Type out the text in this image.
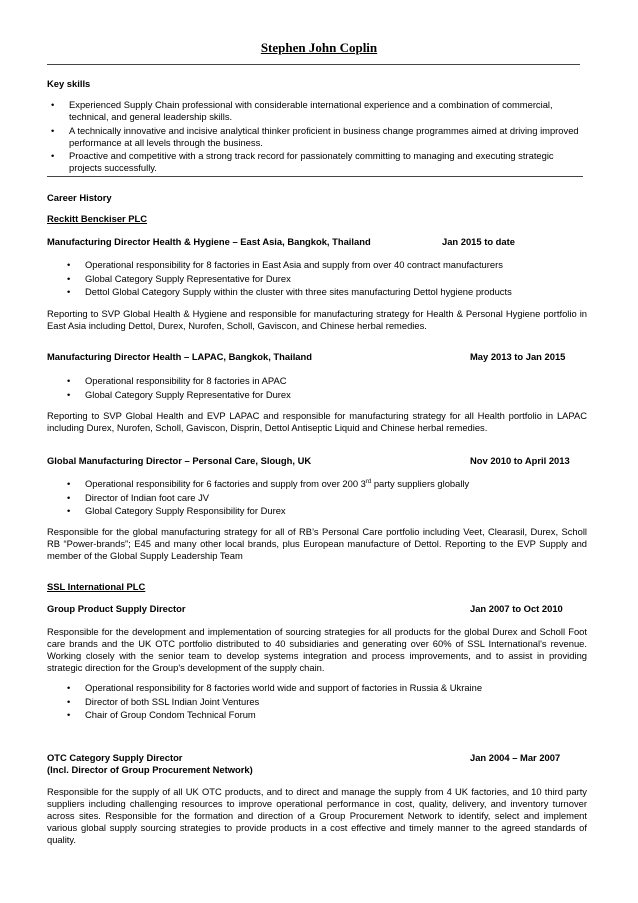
Stephen John Coplin
Key skills
• Experienced Supply Chain professional with considerable international experience and a combination of commercial, technical, and general leadership skills.
• A technically innovative and incisive analytical thinker proficient in business change programmes aimed at driving improved performance at all levels through the business.
• Proactive and competitive with a strong track record for passionately committing to managing and executing strategic projects successfully.
Career History
Reckitt Benckiser PLC
Manufacturing Director Health & Hygiene – East Asia, Bangkok, Thailand	Jan 2015 to date
• Operational responsibility for 8 factories in East Asia and supply from over 40 contract manufacturers
• Global Category Supply Representative for Durex
• Dettol Global Category Supply within the cluster with three sites manufacturing Dettol hygiene products
Reporting to SVP Global Health & Hygiene and responsible for manufacturing strategy for Health & Personal Hygiene portfolio in East Asia including Dettol, Durex, Nurofen, Scholl, Gaviscon, and Chinese herbal remedies.
Manufacturing Director Health – LAPAC, Bangkok, Thailand	May 2013 to Jan 2015
• Operational responsibility for 8 factories in APAC
• Global Category Supply Representative for Durex
Reporting to SVP Global Health and EVP LAPAC and responsible for manufacturing strategy for all Health portfolio in LAPAC including Durex, Nurofen, Scholl, Gaviscon, Disprin, Dettol Antiseptic Liquid and Chinese herbal remedies.
Global Manufacturing Director – Personal Care, Slough, UK	Nov 2010 to April 2013
• Operational responsibility for 6 factories and supply from over 200 3rd party suppliers globally
• Director of Indian foot care JV
• Global Category Supply Responsibility for Durex
Responsible for the global manufacturing strategy for all of RB’s Personal Care portfolio including Veet, Clearasil, Durex, Scholl RB “Power-brands”; E45 and many other local brands, plus European manufacture of Dettol. Reporting to the EVP Supply and member of the Global Supply Leadership Team
SSL International PLC
Group Product Supply Director	Jan 2007 to Oct 2010
Responsible for the development and implementation of sourcing strategies for all products for the global Durex and Scholl Foot care brands and the UK OTC portfolio distributed to 40 subsidiaries and generating over 60% of SSL International's revenue. Working closely with the senior team to develop systems integration and process improvements, and to assist in providing strategic direction for the Group's development of the supply chain.
• Operational responsibility for 8 factories world wide and support of factories in Russia & Ukraine
• Director of both SSL Indian Joint Ventures
• Chair of Group Condom Technical Forum
OTC Category Supply Director
(Incl. Director of Group Procurement Network)
Jan 2004 – Mar 2007
Responsible for the supply of all UK OTC products, and to direct and manage the supply from 4 UK factories, and 10 third party suppliers including challenging resources to improve operational performance in cost, quality, delivery, and inventory turnover across sites. Responsible for the formation and direction of a Group Procurement Network to identify, select and implement various global supply sourcing strategies to provide products in a cost effective and timely manner to the agreed standards of quality.
